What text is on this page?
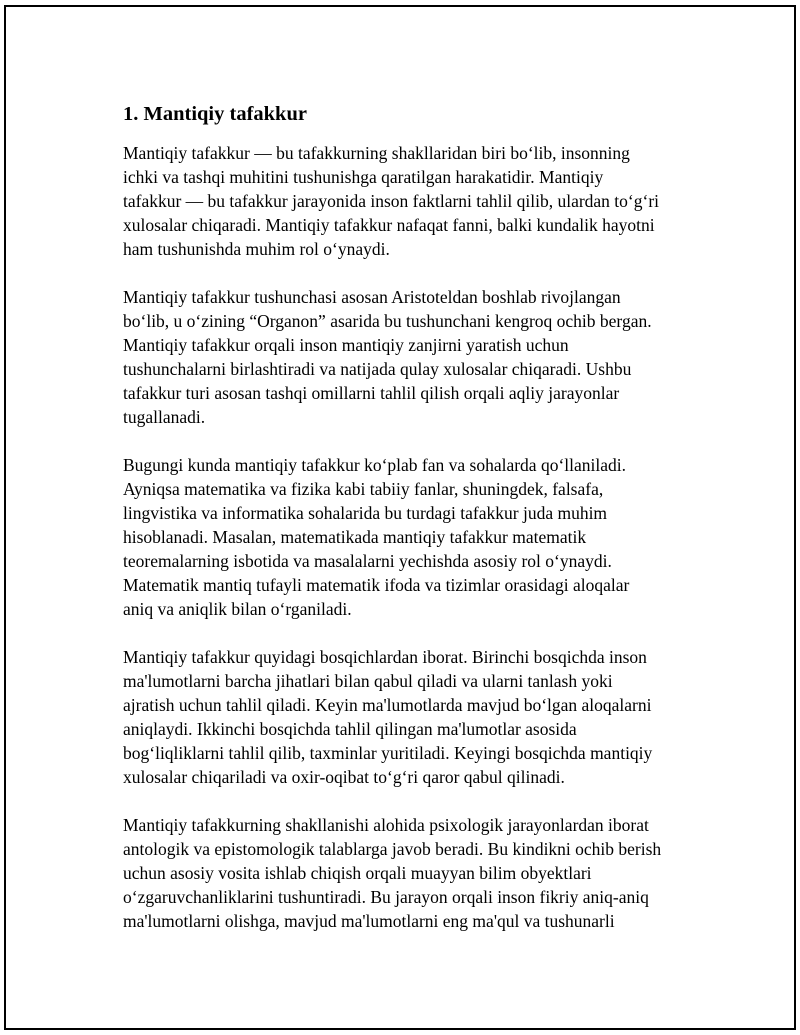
1. Mantiqiy tafakkur
Mantiqiy tafakkur — bu tafakkurning shakllaridan biri bo‘lib, insonning
ichki va tashqi muhitini tushunishga qaratilgan harakatidir. Mantiqiy
tafakkur — bu tafakkur jarayonida inson faktlarni tahlil qilib, ulardan to‘g‘ri
xulosalar chiqaradi. Mantiqiy tafakkur nafaqat fanni, balki kundalik hayotni
ham tushunishda muhim rol o‘ynaydi.
Mantiqiy tafakkur tushunchasi asosan Aristoteldan boshlab rivojlangan
bo‘lib, u o‘zining “Organon” asarida bu tushunchani kengroq ochib bergan.
Mantiqiy tafakkur orqali inson mantiqiy zanjirni yaratish uchun
tushunchalarni birlashtiradi va natijada qulay xulosalar chiqaradi. Ushbu
tafakkur turi asosan tashqi omillarni tahlil qilish orqali aqliy jarayonlar
tugallanadi.
Bugungi kunda mantiqiy tafakkur ko‘plab fan va sohalarda qo‘llaniladi.
Ayniqsa matematika va fizika kabi tabiiy fanlar, shuningdek, falsafa,
lingvistika va informatika sohalarida bu turdagi tafakkur juda muhim
hisoblanadi. Masalan, matematikada mantiqiy tafakkur matematik
teoremalarning isbotida va masalalarni yechishda asosiy rol o‘ynaydi.
Matematik mantiq tufayli matematik ifoda va tizimlar orasidagi aloqalar
aniq va aniqlik bilan o‘rganiladi.
Mantiqiy tafakkur quyidagi bosqichlardan iborat. Birinchi bosqichda inson
ma'lumotlarni barcha jihatlari bilan qabul qiladi va ularni tanlash yoki
ajratish uchun tahlil qiladi. Keyin ma'lumotlarda mavjud bo‘lgan aloqalarni
aniqlaydi. Ikkinchi bosqichda tahlil qilingan ma'lumotlar asosida
bog‘liqliklarni tahlil qilib, taxminlar yuritiladi. Keyingi bosqichda mantiqiy
xulosalar chiqariladi va oxir-oqibat to‘g‘ri qaror qabul qilinadi.
Mantiqiy tafakkurning shakllanishi alohida psixologik jarayonlardan iborat
antologik va epistomologik talablarga javob beradi. Bu kindikni ochib berish
uchun asosiy vosita ishlab chiqish orqali muayyan bilim obyektlari
o‘zgaruvchanliklarini tushuntiradi. Bu jarayon orqali inson fikriy aniq-aniq
ma'lumotlarni olishga, mavjud ma'lumotlarni eng ma'qul va tushunarli
